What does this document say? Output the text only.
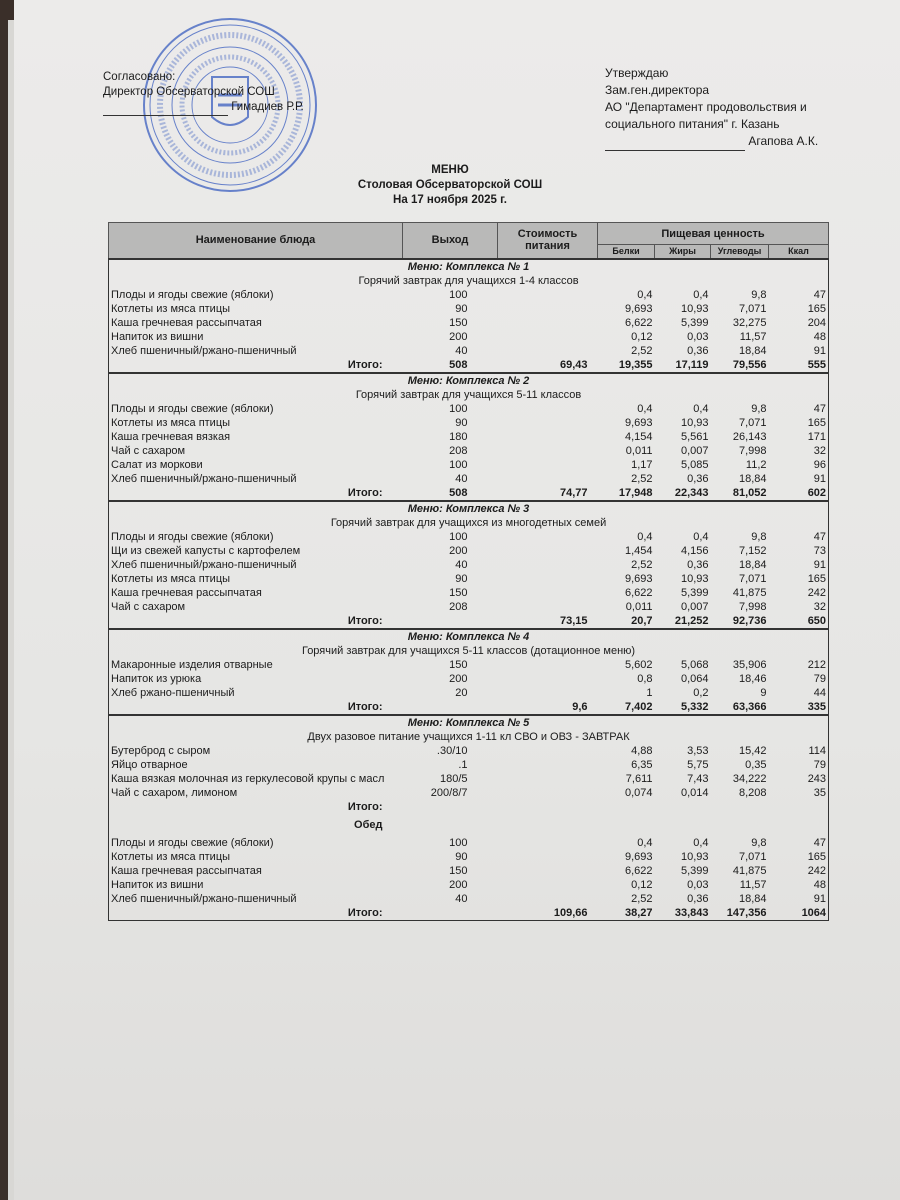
Согласовано:
Директор Обсерваторской СОШ
Гимадиев Р.Р.
Утверждаю
Зам.ген.директора
АО "Департамент продовольствия и
социального питания" г. Казань
Агапова А.К.
МЕНЮ
Столовая Обсерваторской СОШ
На 17 ноября 2025 г.
Наименование блюда	Выход	Стоимость питания	Пищевая ценность			
			Белки	Жиры	Углеводы	Ккал
Меню: Комплекса № 1						
Горячий завтрак для учащихся 1-4 классов						
Плоды и ягоды свежие (яблоки)	100		0,4	0,4	9,8	47
Котлеты из мяса птицы	90		9,693	10,93	7,071	165
Каша гречневая рассыпчатая	150		6,622	5,399	32,275	204
Напиток из вишни	200		0,12	0,03	11,57	48
Хлеб пшеничный/ржано-пшеничный	40		2,52	0,36	18,84	91
Итого:	508	69,43	19,355	17,119	79,556	555
Меню: Комплекса № 2						
Горячий завтрак для учащихся 5-11 классов						
Плоды и ягоды свежие (яблоки)	100		0,4	0,4	9,8	47
Котлеты из мяса птицы	90		9,693	10,93	7,071	165
Каша гречневая вязкая	180		4,154	5,561	26,143	171
Чай с сахаром	208		0,011	0,007	7,998	32
Салат из моркови	100		1,17	5,085	11,2	96
Хлеб пшеничный/ржано-пшеничный	40		2,52	0,36	18,84	91
Итого:	508	74,77	17,948	22,343	81,052	602
Меню: Комплекса № 3						
Горячий завтрак для учащихся из многодетных семей						
Плоды и ягоды свежие (яблоки)	100		0,4	0,4	9,8	47
Щи из свежей капусты с картофелем	200		1,454	4,156	7,152	73
Хлеб пшеничный/ржано-пшеничный	40		2,52	0,36	18,84	91
Котлеты из мяса птицы	90		9,693	10,93	7,071	165
Каша гречневая рассыпчатая	150		6,622	5,399	41,875	242
Чай с сахаром	208		0,011	0,007	7,998	32
Итого:		73,15	20,7	21,252	92,736	650
Меню: Комплекса № 4						
Горячий завтрак для учащихся 5-11 классов (дотационное меню)						
Макаронные изделия отварные	150		5,602	5,068	35,906	212
Напиток из урюка	200		0,8	0,064	18,46	79
Хлеб ржано-пшеничный	20		1	0,2	9	44
Итого:		9,6	7,402	5,332	63,366	335
Меню: Комплекса № 5						
Двух разовое питание учащихся 1-11 кл СВО и ОВЗ - ЗАВТРАК						
Бутерброд с сыром	.30/10		4,88	3,53	15,42	114
Яйцо отварное	.1		6,35	5,75	0,35	79
Каша вязкая молочная из геркулесовой крупы с масл	180/5		7,611	7,43	34,222	243
Чай с сахаром, лимоном	200/8/7		0,074	0,014	8,208	35
Итого:						
Обед						
Плоды и ягоды свежие (яблоки)	100		0,4	0,4	9,8	47
Котлеты из мяса птицы	90		9,693	10,93	7,071	165
Каша гречневая рассыпчатая	150		6,622	5,399	41,875	242
Напиток из вишни	200		0,12	0,03	11,57	48
Хлеб пшеничный/ржано-пшеничный	40		2,52	0,36	18,84	91
Итого:		109,66	38,27	33,843	147,356	1064
